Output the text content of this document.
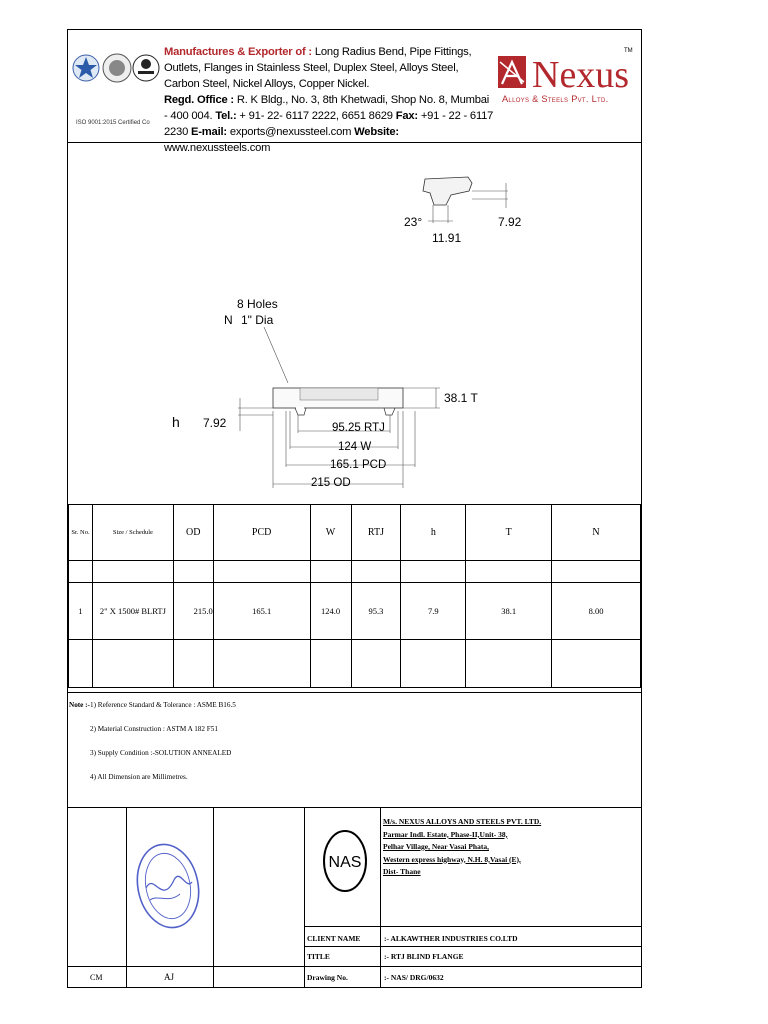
ISO 9001:2015 Certified Co
Manufactures & Exporter of : Long Radius Bend, Pipe Fittings, Outlets, Flanges in Stainless Steel, Duplex Steel, Alloys Steel, Carbon Steel, Nickel Alloys, Copper Nickel.
Regd. Office : R. K Bldg., No. 3, 8th Khetwadi, Shop No. 8, Mumbai - 400 004. Tel.: + 91- 22- 6117 2222, 6651 8629 Fax: +91 - 22 - 6117 2230 E-mail: exports@nexussteel.com Website: www.nexussteels.com
Nexus
TM
Alloys & Steels Pvt. Ltd.
23°
11.91
7.92
8 Holes
N 1" Dia
38.1 T
h 7.92	95.25 RTJ
124 W
165.1 PCD
215 OD
Sr. No.	Size / Schedule	OD	PCD	W	RTJ	h	T	N

1	2" X 1500# BLRTJ	215.0	165.1	124.0	95.3	7.9	38.1	8.00

Note :- 1) Reference Standard & Tolerance : ASME B16.5
2) Material Construction : ASTM A 182 F51
3) Supply Condition :-SOLUTION ANNEALED
4) All Dimension are Millimetres.
NAS
M/s. NEXUS ALLOYS AND STEELS PVT. LTD.
Parmar Indl. Estate, Phase-II,Unit- 38,
Pelhar Village, Near Vasai Phata,
Western express highway, N.H. 8,Vasai (E),
Dist- Thane
CLIENT NAME	:- ALKAWTHER INDUSTRIES CO.LTD
TITLE	:- RTJ BLIND FLANGE
Drawing No.	:- NAS/ DRG/0632
CM	AJ
